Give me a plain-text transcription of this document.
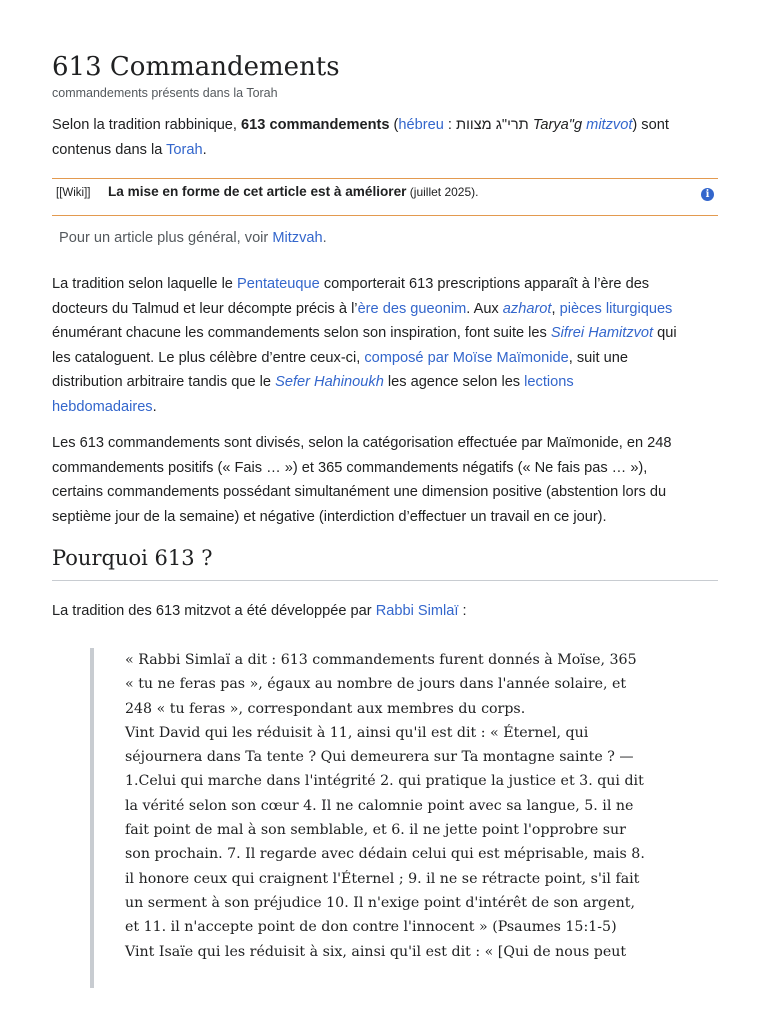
613 Commandements
commandements présents dans la Torah
Selon la tradition rabbinique, 613 commandements (hébreu : תרי"ג מצוות Tarya"g mitzvot) sont
contenus dans la Torah.
[[Wiki]] La mise en forme de cet article est à améliorer (juillet 2025).	i
Pour un article plus général, voir Mitzvah.
La tradition selon laquelle le Pentateuque comporterait 613 prescriptions apparaît à l’ère des
docteurs du Talmud et leur décompte précis à l’ère des gueonim. Aux azharot, pièces liturgiques
énumérant chacune les commandements selon son inspiration, font suite les Sifrei Hamitzvot qui
les cataloguent. Le plus célèbre d’entre ceux-ci, composé par Moïse Maïmonide, suit une
distribution arbitraire tandis que le Sefer Hahinoukh les agence selon les lections
hebdomadaires.
Les 613 commandements sont divisés, selon la catégorisation effectuée par Maïmonide, en 248
commandements positifs (« Fais … ») et 365 commandements négatifs (« Ne fais pas … »),
certains commandements possédant simultanément une dimension positive (abstention lors du
septième jour de la semaine) et négative (interdiction d’effectuer un travail en ce jour).
Pourquoi 613 ?
La tradition des 613 mitzvot a été développée par Rabbi Simlaï :
« Rabbi Simlaï a dit : 613 commandements furent donnés à Moïse, 365
« tu ne feras pas », égaux au nombre de jours dans l'année solaire, et
248 « tu feras », correspondant aux membres du corps.
Vint David qui les réduisit à 11, ainsi qu'il est dit : « Éternel, qui
séjournera dans Ta tente ? Qui demeurera sur Ta montagne sainte ? —
1.Celui qui marche dans l'intégrité 2. qui pratique la justice et 3. qui dit
la vérité selon son cœur 4. Il ne calomnie point avec sa langue, 5. il ne
fait point de mal à son semblable, et 6. il ne jette point l'opprobre sur
son prochain. 7. Il regarde avec dédain celui qui est méprisable, mais 8.
il honore ceux qui craignent l'Éternel ; 9. il ne se rétracte point, s'il fait
un serment à son préjudice 10. Il n'exige point d'intérêt de son argent,
et 11. il n'accepte point de don contre l'innocent » (Psaumes 15:1-5)
Vint Isaïe qui les réduisit à six, ainsi qu'il est dit : « [Qui de nous peut
